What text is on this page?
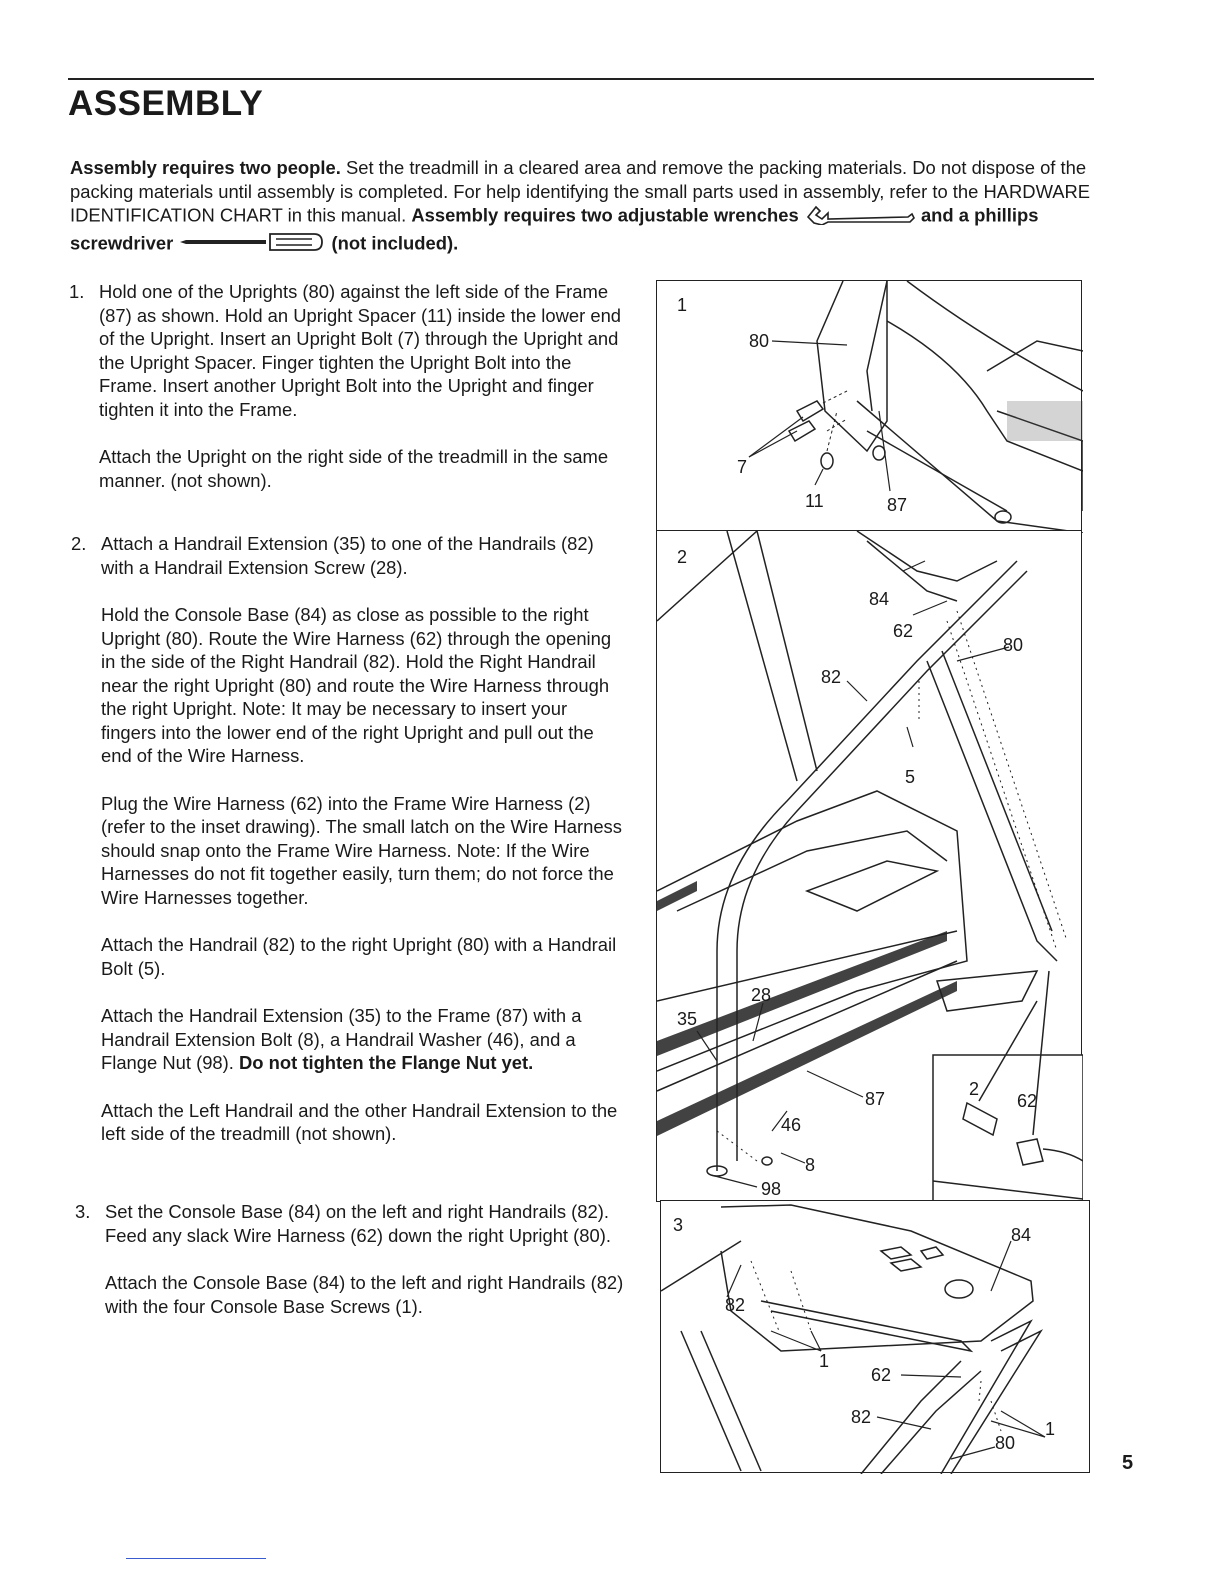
ASSEMBLY
Assembly requires two people. Set the treadmill in a cleared area and remove the packing materials. Do not dispose of the packing materials until assembly is completed. For help identifying the small parts used in assembly, refer to the HARDWARE IDENTIFICATION CHART in this manual. Assembly requires two adjustable wrenches	and a phillips screwdriver	(not included).
1. Hold one of the Uprights (80) against the left side of the Frame (87) as shown. Hold an Upright Spacer (11) inside the lower end of the Upright. Insert an Upright Bolt (7) through the Upright and the Upright Spacer. Finger tighten the Upright Bolt into the Frame. Insert another Upright Bolt into the Upright and finger tighten it into the Frame.

Attach the Upright on the right side of the treadmill in the same manner. (not shown).

2. Attach a Handrail Extension (35) to one of the Handrails (82) with a Handrail Extension Screw (28).

Hold the Console Base (84) as close as possible to the right Upright (80). Route the Wire Harness (62) through the opening in the side of the Right Handrail (82). Hold the Right Handrail near the right Upright (80) and route the Wire Harness through the right Upright. Note: It may be necessary to insert your fingers into the lower end of the right Upright and pull out the end of the Wire Harness.

Plug the Wire Harness (62) into the Frame Wire Harness (2) (refer to the inset drawing). The small latch on the Wire Harness should snap onto the Frame Wire Harness. Note: If the Wire Harnesses do not fit together easily, turn them; do not force the Wire Harnesses together.

Attach the Handrail (82) to the right Upright (80) with a Handrail Bolt (5).

Attach the Handrail Extension (35) to the Frame (87) with a Handrail Extension Bolt (8), a Handrail Washer (46), and a Flange Nut (98). Do not tighten the Flange Nut yet.

Attach the Left Handrail and the other Handrail Extension to the left side of the treadmill (not shown).

3. Set the Console Base (84) on the left and right Handrails (82). Feed any slack Wire Harness (62) down the right Upright (80).

Attach the Console Base (84) to the left and right Handrails (82) with the four Console Base Screws (1).

1
80
7
11	87
2
84
62
80
82
5
28
35
87	2
62
46
8
98
3	84
82
1
62
82
80
1
5
